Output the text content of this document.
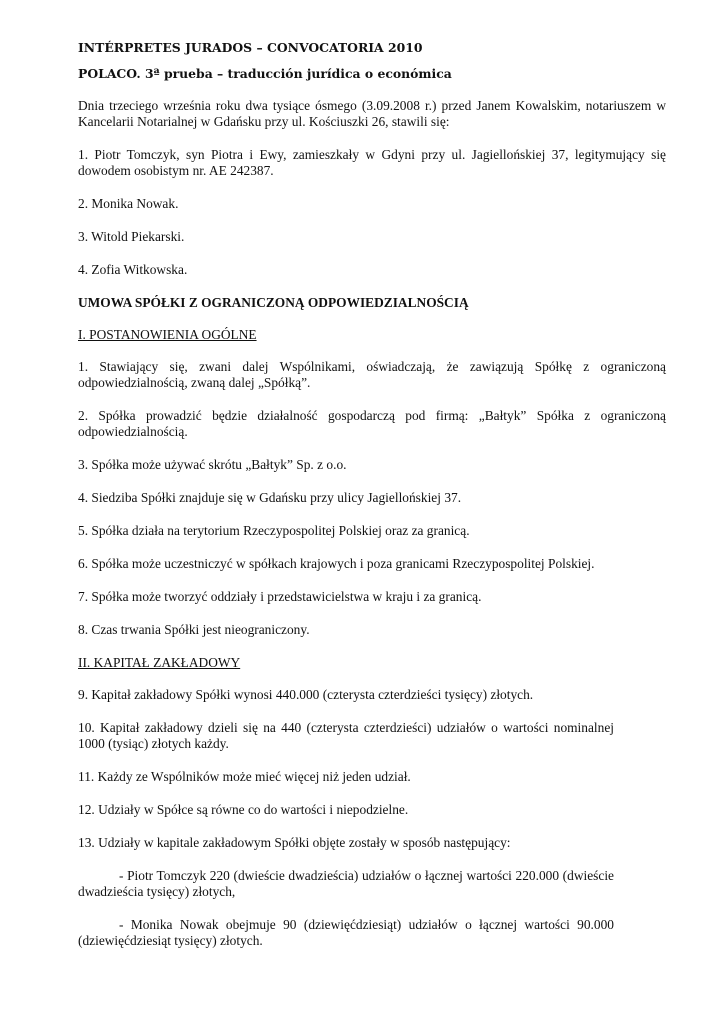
INTÉRPRETES JURADOS – CONVOCATORIA 2010
POLACO. 3ª prueba – traducción jurídica o económica

Dnia trzeciego września roku dwa tysiące ósmego (3.09.2008 r.) przed Janem Kowalskim, notariuszem w Kancelarii Notarialnej w Gdańsku przy ul. Kościuszki 26, stawili się:

1. Piotr Tomczyk, syn Piotra i Ewy, zamieszkały w Gdyni przy ul. Jagiellońskiej 37, legitymujący się dowodem osobistym nr. AE 242387.

2. Monika Nowak.

3. Witold Piekarski.

4. Zofia Witkowska.

UMOWA SPÓŁKI Z OGRANICZONĄ ODPOWIEDZIALNOŚCIĄ

I. POSTANOWIENIA OGÓLNE

1. Stawiający się, zwani dalej Wspólnikami, oświadczają, że zawiązują Spółkę z ograniczoną odpowiedzialnością, zwaną dalej „Spółką”.

2. Spółka prowadzić będzie działalność gospodarczą pod firmą: „Bałtyk” Spółka z ograniczoną odpowiedzialnością.

3. Spółka może używać skrótu „Bałtyk” Sp. z o.o.

4. Siedziba Spółki znajduje się w Gdańsku przy ulicy Jagiellońskiej 37.

5. Spółka działa na terytorium Rzeczypospolitej Polskiej oraz za granicą.

6. Spółka może uczestniczyć w spółkach krajowych i poza granicami Rzeczypospolitej Polskiej.

7. Spółka może tworzyć oddziały i przedstawicielstwa w kraju i za granicą.

8. Czas trwania Spółki jest nieograniczony.

II. KAPITAŁ ZAKŁADOWY

9. Kapitał zakładowy Spółki wynosi 440.000 (czterysta czterdzieści tysięcy) złotych.

10. Kapitał zakładowy dzieli się na 440 (czterysta czterdzieści) udziałów o wartości nominalnej 1000 (tysiąc) złotych każdy.

11. Każdy ze Wspólników może mieć więcej niż jeden udział.

12. Udziały w Spółce są równe co do wartości i niepodzielne.

13. Udziały w kapitale zakładowym Spółki objęte zostały w sposób następujący:

- Piotr Tomczyk 220 (dwieście dwadzieścia) udziałów o łącznej wartości 220.000 (dwieście dwadzieścia tysięcy) złotych,

- Monika Nowak obejmuje 90 (dziewięćdziesiąt) udziałów o łącznej wartości 90.000 (dziewięćdziesiąt tysięcy) złotych.
